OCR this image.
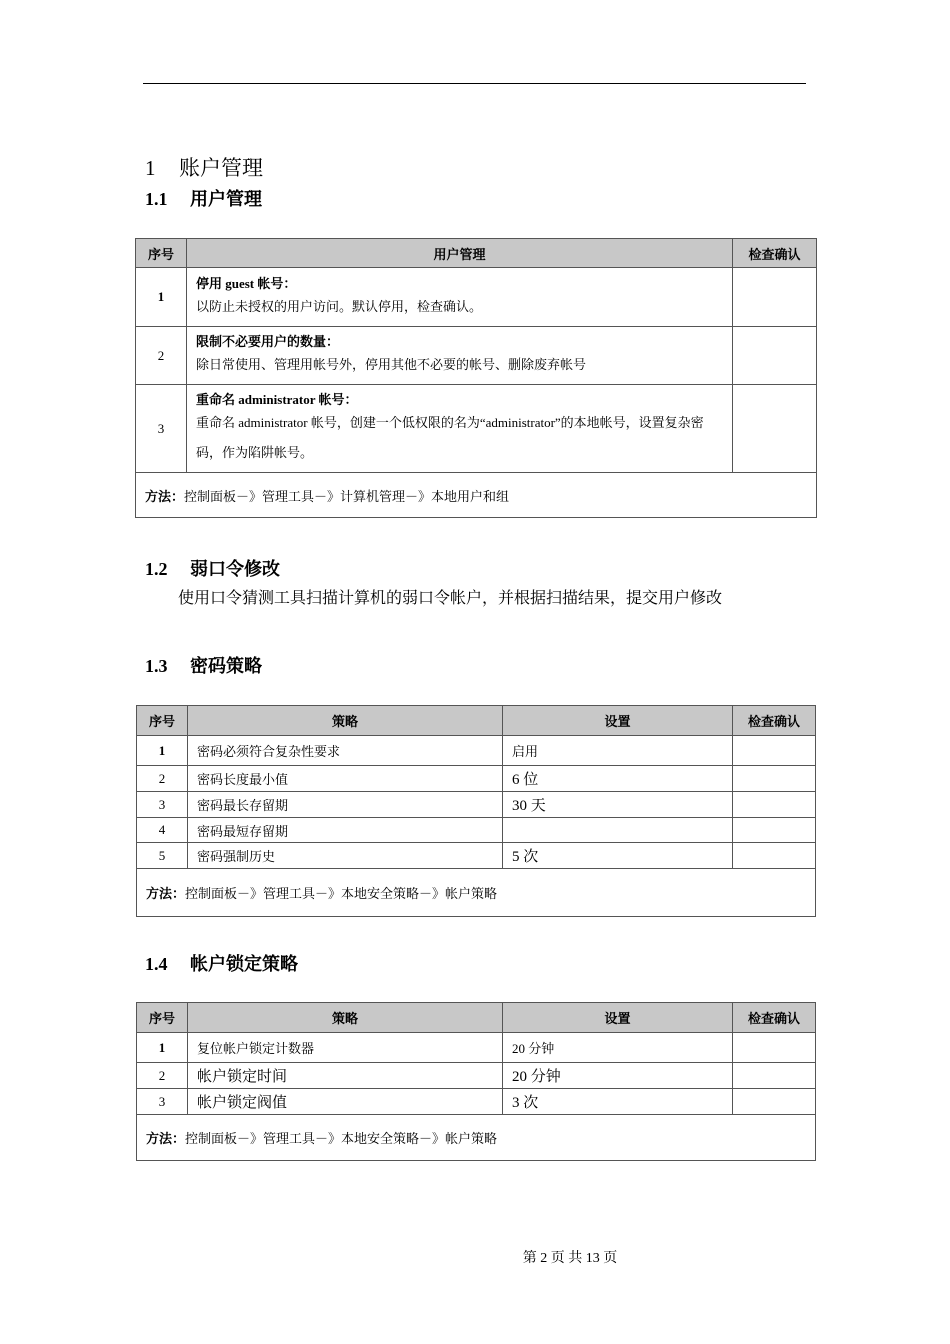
1 账户管理
1.1 用户管理
序号	用户管理	检查确认
1	停用 guest 帐号：
以防止未授权的用户访问。默认停用，检查确认。	

2	限制不必要用户的数量：
除日常使用、管理用帐号外，停用其他不必要的帐号、删除废弃帐号	

3	重命名 administrator 帐号：
重命名 administrator 帐号，创建一个低权限的名为“administrator”的本地帐号，设置复杂密码，作为陷阱帐号。	

方法：控制面板－》管理工具－》计算机管理－》本地用户和组		
1.2 弱口令修改
使用口令猜测工具扫描计算机的弱口令帐户，并根据扫描结果，提交用户修改
1.3 密码策略
序号	策略	设置	检查确认
1	密码必须符合复杂性要求	启用	
2	密码长度最小值	6 位	
3	密码最长存留期	30 天	
4	密码最短存留期		
5	密码强制历史	5 次	
方法：控制面板－》管理工具－》本地安全策略－》帐户策略			
1.4 帐户锁定策略
序号	策略	设置	检查确认
1	复位帐户锁定计数器	20 分钟	
2	帐户锁定时间	20 分钟	
3	帐户锁定阀值	3 次	
方法：控制面板－》管理工具－》本地安全策略－》帐户策略			
第 2 页 共 13 页
